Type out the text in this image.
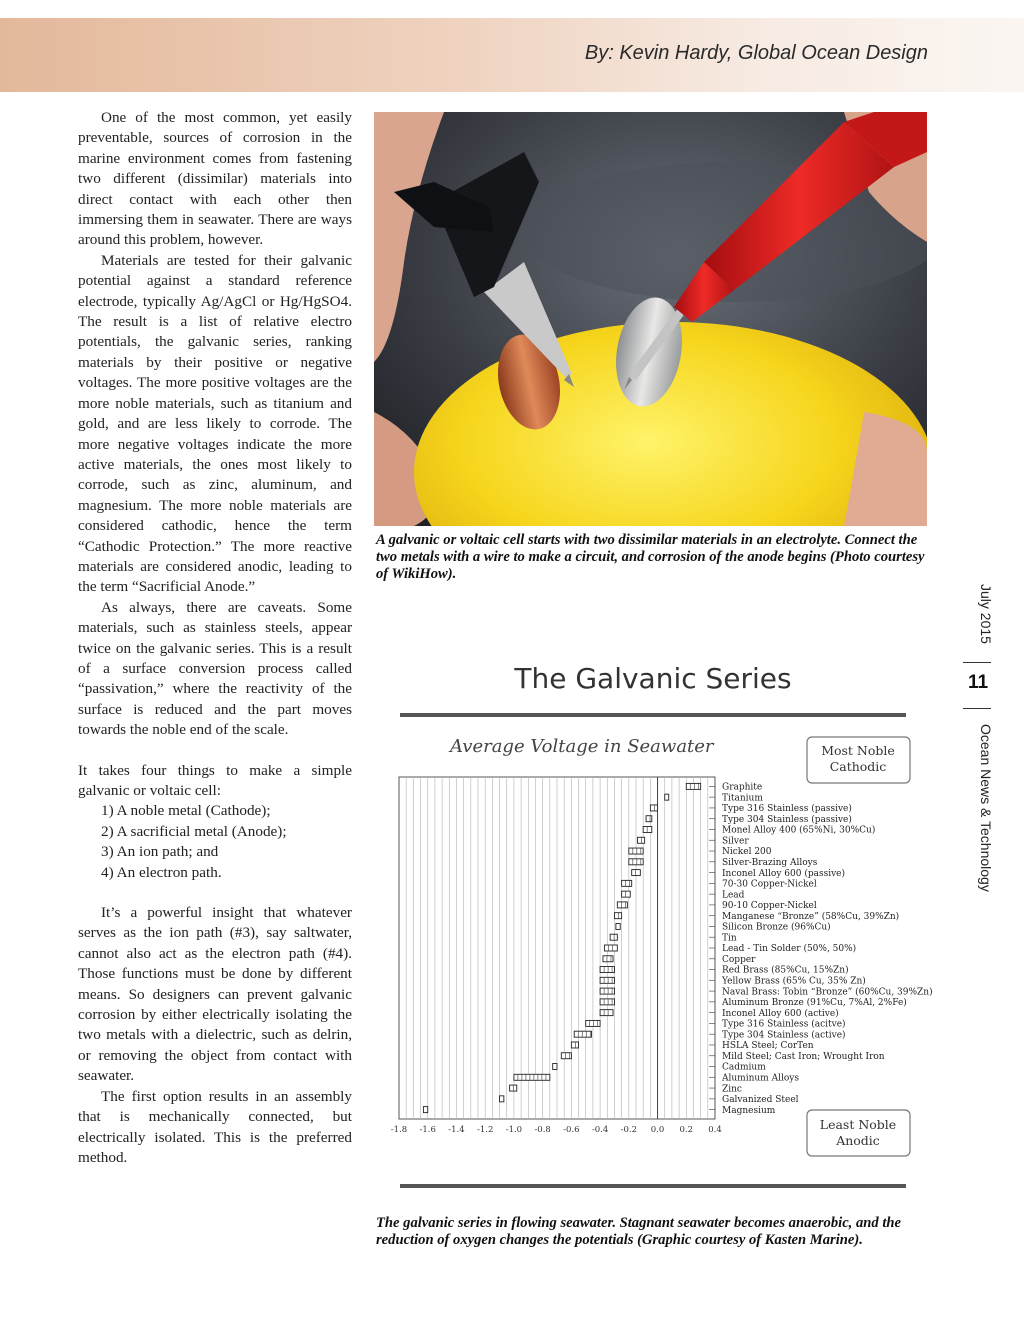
By: Kevin Hardy, Global Ocean Design

One of the most common, yet easily preventable, sources of corrosion in the marine environment comes from fastening two different (dissimilar) materials into direct contact with each other then immersing them in seawater. There are ways around this problem, however.

Materials are tested for their galvanic potential against a standard reference electrode, typically Ag/AgCl or Hg/HgSO4. The result is a list of relative electro potentials, the galvanic series, ranking materials by their positive or negative voltages. The more positive voltages are the more noble materials, such as titanium and gold, and are less likely to corrode. The more negative voltages indicate the more active materials, the ones most likely to corrode, such as zinc, aluminum, and magnesium. The more noble materials are considered cathodic, hence the term “Cathodic Protection.” The more reactive materials are considered anodic, leading to the term “Sacrificial Anode.”

As always, there are caveats. Some materials, such as stainless steels, appear twice on the galvanic series. This is a result of a surface conversion process called “passivation,” where the reactivity of the surface is reduced and the part moves towards the noble end of the scale.

It takes four things to make a simple galvanic or voltaic cell:

1) A noble metal (Cathode);

2) A sacrificial metal (Anode);

3) An ion path; and

4) An electron path.

It’s a powerful insight that whatever serves as the ion path (#3), say saltwater, cannot also act as the electron path (#4). Those functions must be done by different means. So designers can prevent galvanic corrosion by either electrically isolating the two metals with a dielectric, such as delrin, or removing the object from contact with seawater.

The first option results in an assembly that is mechanically connected, but electrically isolated. This is the preferred method.

A galvanic or voltaic cell starts with two dissimilar materials in an electrolyte. Connect the two metals with a wire to make a circuit, and corrosion of the anode begins (Photo courtesy of WikiHow).
The Galvanic Series
Average Voltage in Seawater	Most Noble
Cathodic
Graphite
Titanium
Type 316 Stainless (passive)
Type 304 Stainless (passive)
Monel Alloy 400 (65%Ni, 30%Cu)
Silver
Nickel 200
Silver-Brazing Alloys
Inconel Alloy 600 (passive)
70-30 Copper-Nickel
Lead
90-10 Copper-Nickel
Manganese “Bronze” (58%Cu, 39%Zn)
Silicon Bronze (96%Cu)
Tin
Lead - Tin Solder (50%, 50%)
Copper
Red Brass (85%Cu, 15%Zn)
Yellow Brass (65% Cu, 35% Zn)
Naval Brass: Tobin “Bronze” (60%Cu, 39%Zn)
Aluminum Bronze (91%Cu, 7%Al, 2%Fe)
Inconel Alloy 600 (active)
Type 316 Stainless (acitve)
Type 304 Stainless (active)
HSLA Steel; CorTen
Mild Steel; Cast Iron; Wrought Iron
Cadmium
Aluminum Alloys
Zinc
Galvanized Steel
Magnesium
-1.8 -1.6 -1.4 -1.2 -1.0 -0.8 -0.6 -0.4 -0.2 0.0 0.2 0.4	Least Noble
Anodic
The galvanic series in flowing seawater. Stagnant seawater becomes anaerobic, and the reduction of oxygen changes the potentials (Graphic courtesy of Kasten Marine).
July 2015
11
Ocean News & Technology
